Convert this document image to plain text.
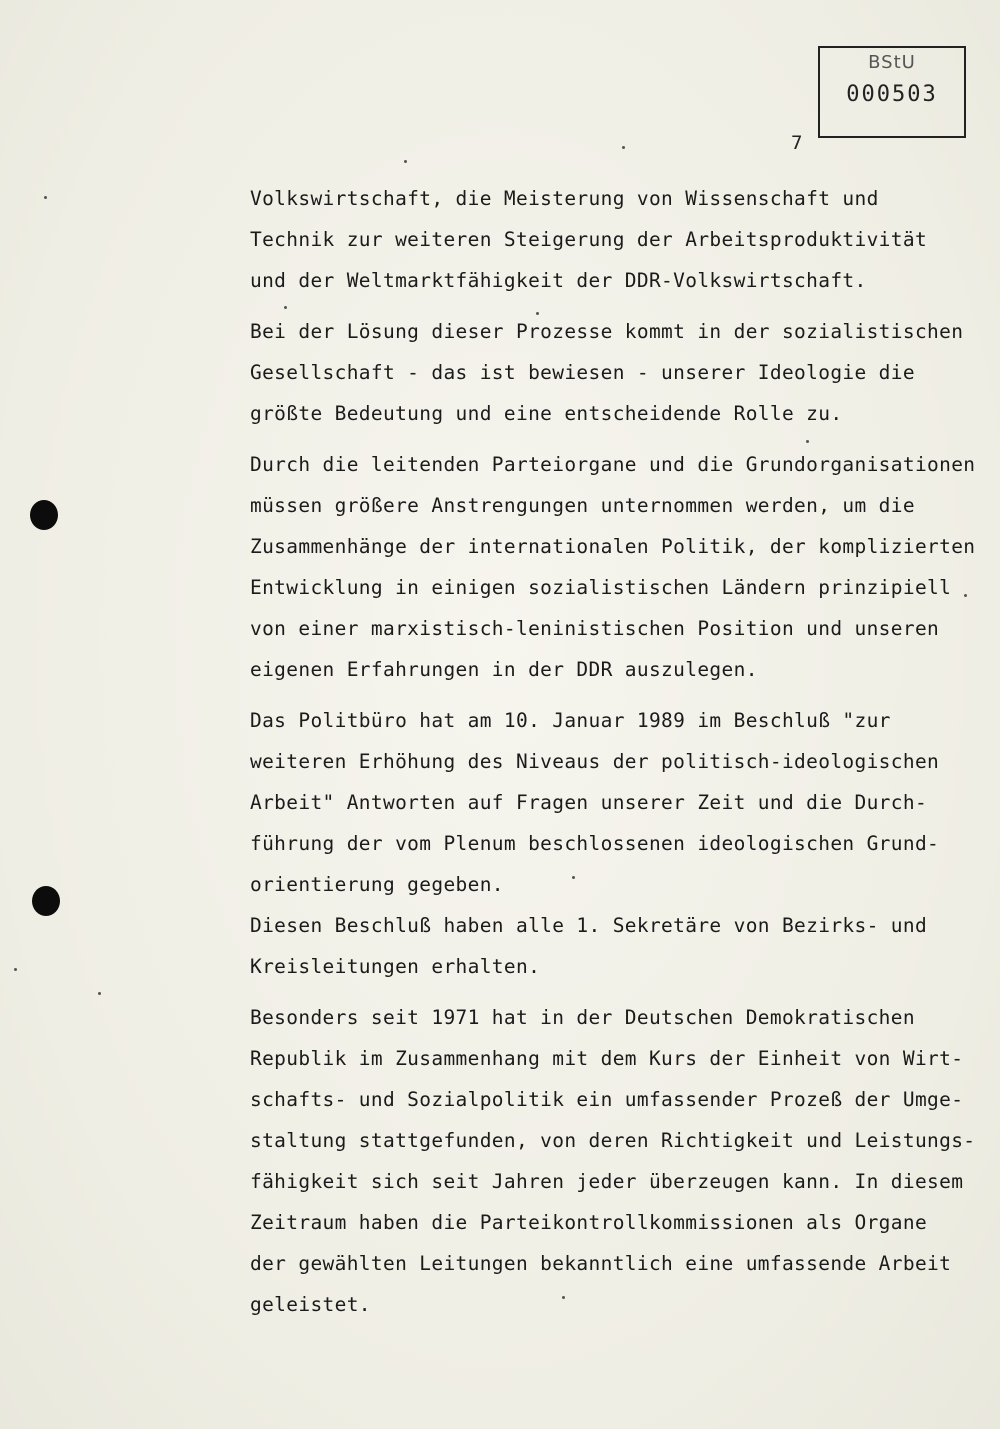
BStU
000503
7
Volkswirtschaft, die Meisterung von Wissenschaft und
Technik zur weiteren Steigerung der Arbeitsproduktivität
und der Weltmarktfähigkeit der DDR-Volkswirtschaft.
Bei der Lösung dieser Prozesse kommt in der sozialistischen
Gesellschaft - das ist bewiesen - unserer Ideologie die
größte Bedeutung und eine entscheidende Rolle zu.
Durch die leitenden Parteiorgane und die Grundorganisationen
müssen größere Anstrengungen unternommen werden, um die
Zusammenhänge der internationalen Politik, der komplizierten
Entwicklung in einigen sozialistischen Ländern prinzipiell
von einer marxistisch-leninistischen Position und unseren
eigenen Erfahrungen in der DDR auszulegen.
Das Politbüro hat am 10. Januar 1989 im Beschluß "zur
weiteren Erhöhung des Niveaus der politisch-ideologischen
Arbeit" Antworten auf Fragen unserer Zeit und die Durch-
führung der vom Plenum beschlossenen ideologischen Grund-
orientierung gegeben.
Diesen Beschluß haben alle 1. Sekretäre von Bezirks- und
Kreisleitungen erhalten.
Besonders seit 1971 hat in der Deutschen Demokratischen
Republik im Zusammenhang mit dem Kurs der Einheit von Wirt-
schafts- und Sozialpolitik ein umfassender Prozeß der Umge-
staltung stattgefunden, von deren Richtigkeit und Leistungs-
fähigkeit sich seit Jahren jeder überzeugen kann. In diesem
Zeitraum haben die Parteikontrollkommissionen als Organe
der gewählten Leitungen bekanntlich eine umfassende Arbeit
geleistet.
